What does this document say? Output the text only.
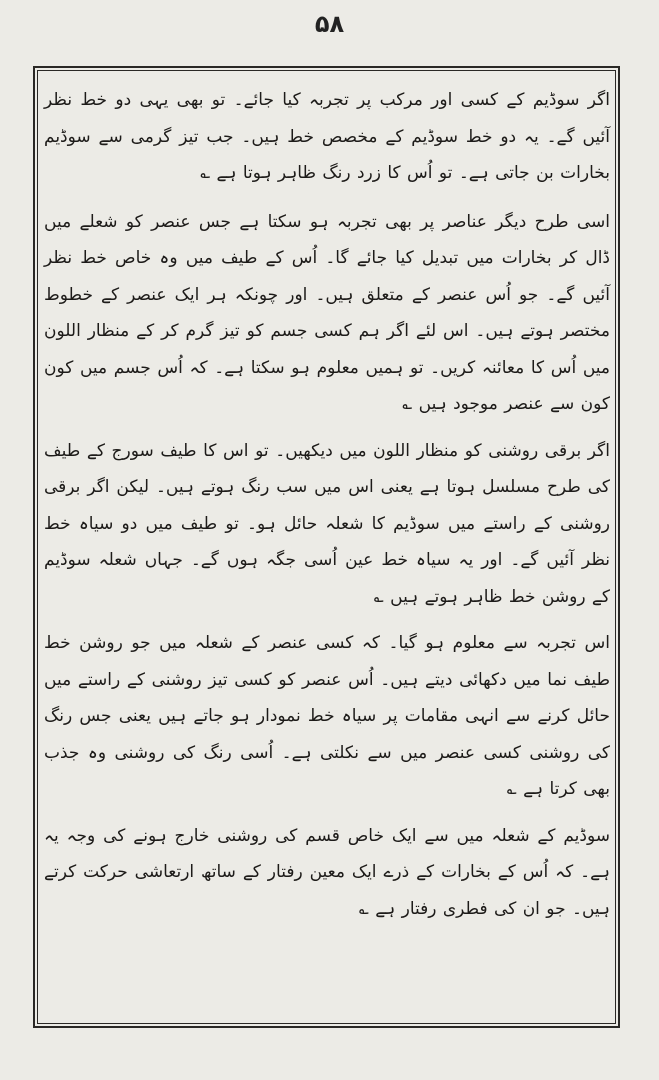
۵۸

اگر سوڈیم کے کسی اور مرکب پر تجربہ کیا جائے۔ تو بھی یہی دو خط نظر آئیں گے۔ یہ دو خط سوڈیم کے مخصص خط ہیں۔ جب تیز گرمی سے سوڈیم بخارات بن جاتی ہے۔ تو اُس کا زرد رنگ ظاہر ہوتا ہے ؎

اسی طرح دیگر عناصر پر بھی تجربہ ہو سکتا ہے جس عنصر کو شعلے میں ڈال کر بخارات میں تبدیل کیا جائے گا۔ اُس کے طیف میں وہ خاص خط نظر آئیں گے۔ جو اُس عنصر کے متعلق ہیں۔ اور چونکہ ہر ایک عنصر کے خطوط مختصر ہوتے ہیں۔ اس لئے اگر ہم کسی جسم کو تیز گرم کر کے منظار اللون میں اُس کا معائنہ کریں۔ تو ہمیں معلوم ہو سکتا ہے۔ کہ اُس جسم میں کون کون سے عنصر موجود ہیں ؎

اگر برقی روشنی کو منظار اللون میں دیکھیں۔ تو اس کا طیف سورج کے طیف کی طرح مسلسل ہوتا ہے یعنی اس میں سب رنگ ہوتے ہیں۔ لیکن اگر برقی روشنی کے راستے میں سوڈیم کا شعلہ حائل ہو۔ تو طیف میں دو سیاہ خط نظر آئیں گے۔ اور یہ سیاہ خط عین اُسی جگہ ہوں گے۔ جہاں شعلہ سوڈیم کے روشن خط ظاہر ہوتے ہیں ؎

اس تجربہ سے معلوم ہو گیا۔ کہ کسی عنصر کے شعلہ میں جو روشن خط طیف نما میں دکھائی دیتے ہیں۔ اُس عنصر کو کسی تیز روشنی کے راستے میں حائل کرنے سے انہی مقامات پر سیاہ خط نمودار ہو جاتے ہیں یعنی جس رنگ کی روشنی کسی عنصر میں سے نکلتی ہے۔ اُسی رنگ کی روشنی وہ جذب بھی کرتا ہے ؎

سوڈیم کے شعلہ میں سے ایک خاص قسم کی روشنی خارج ہونے کی وجہ یہ ہے۔ کہ اُس کے بخارات کے ذرے ایک معین رفتار کے ساتھ ارتعاشی حرکت کرتے ہیں۔ جو ان کی فطری رفتار ہے ؎
